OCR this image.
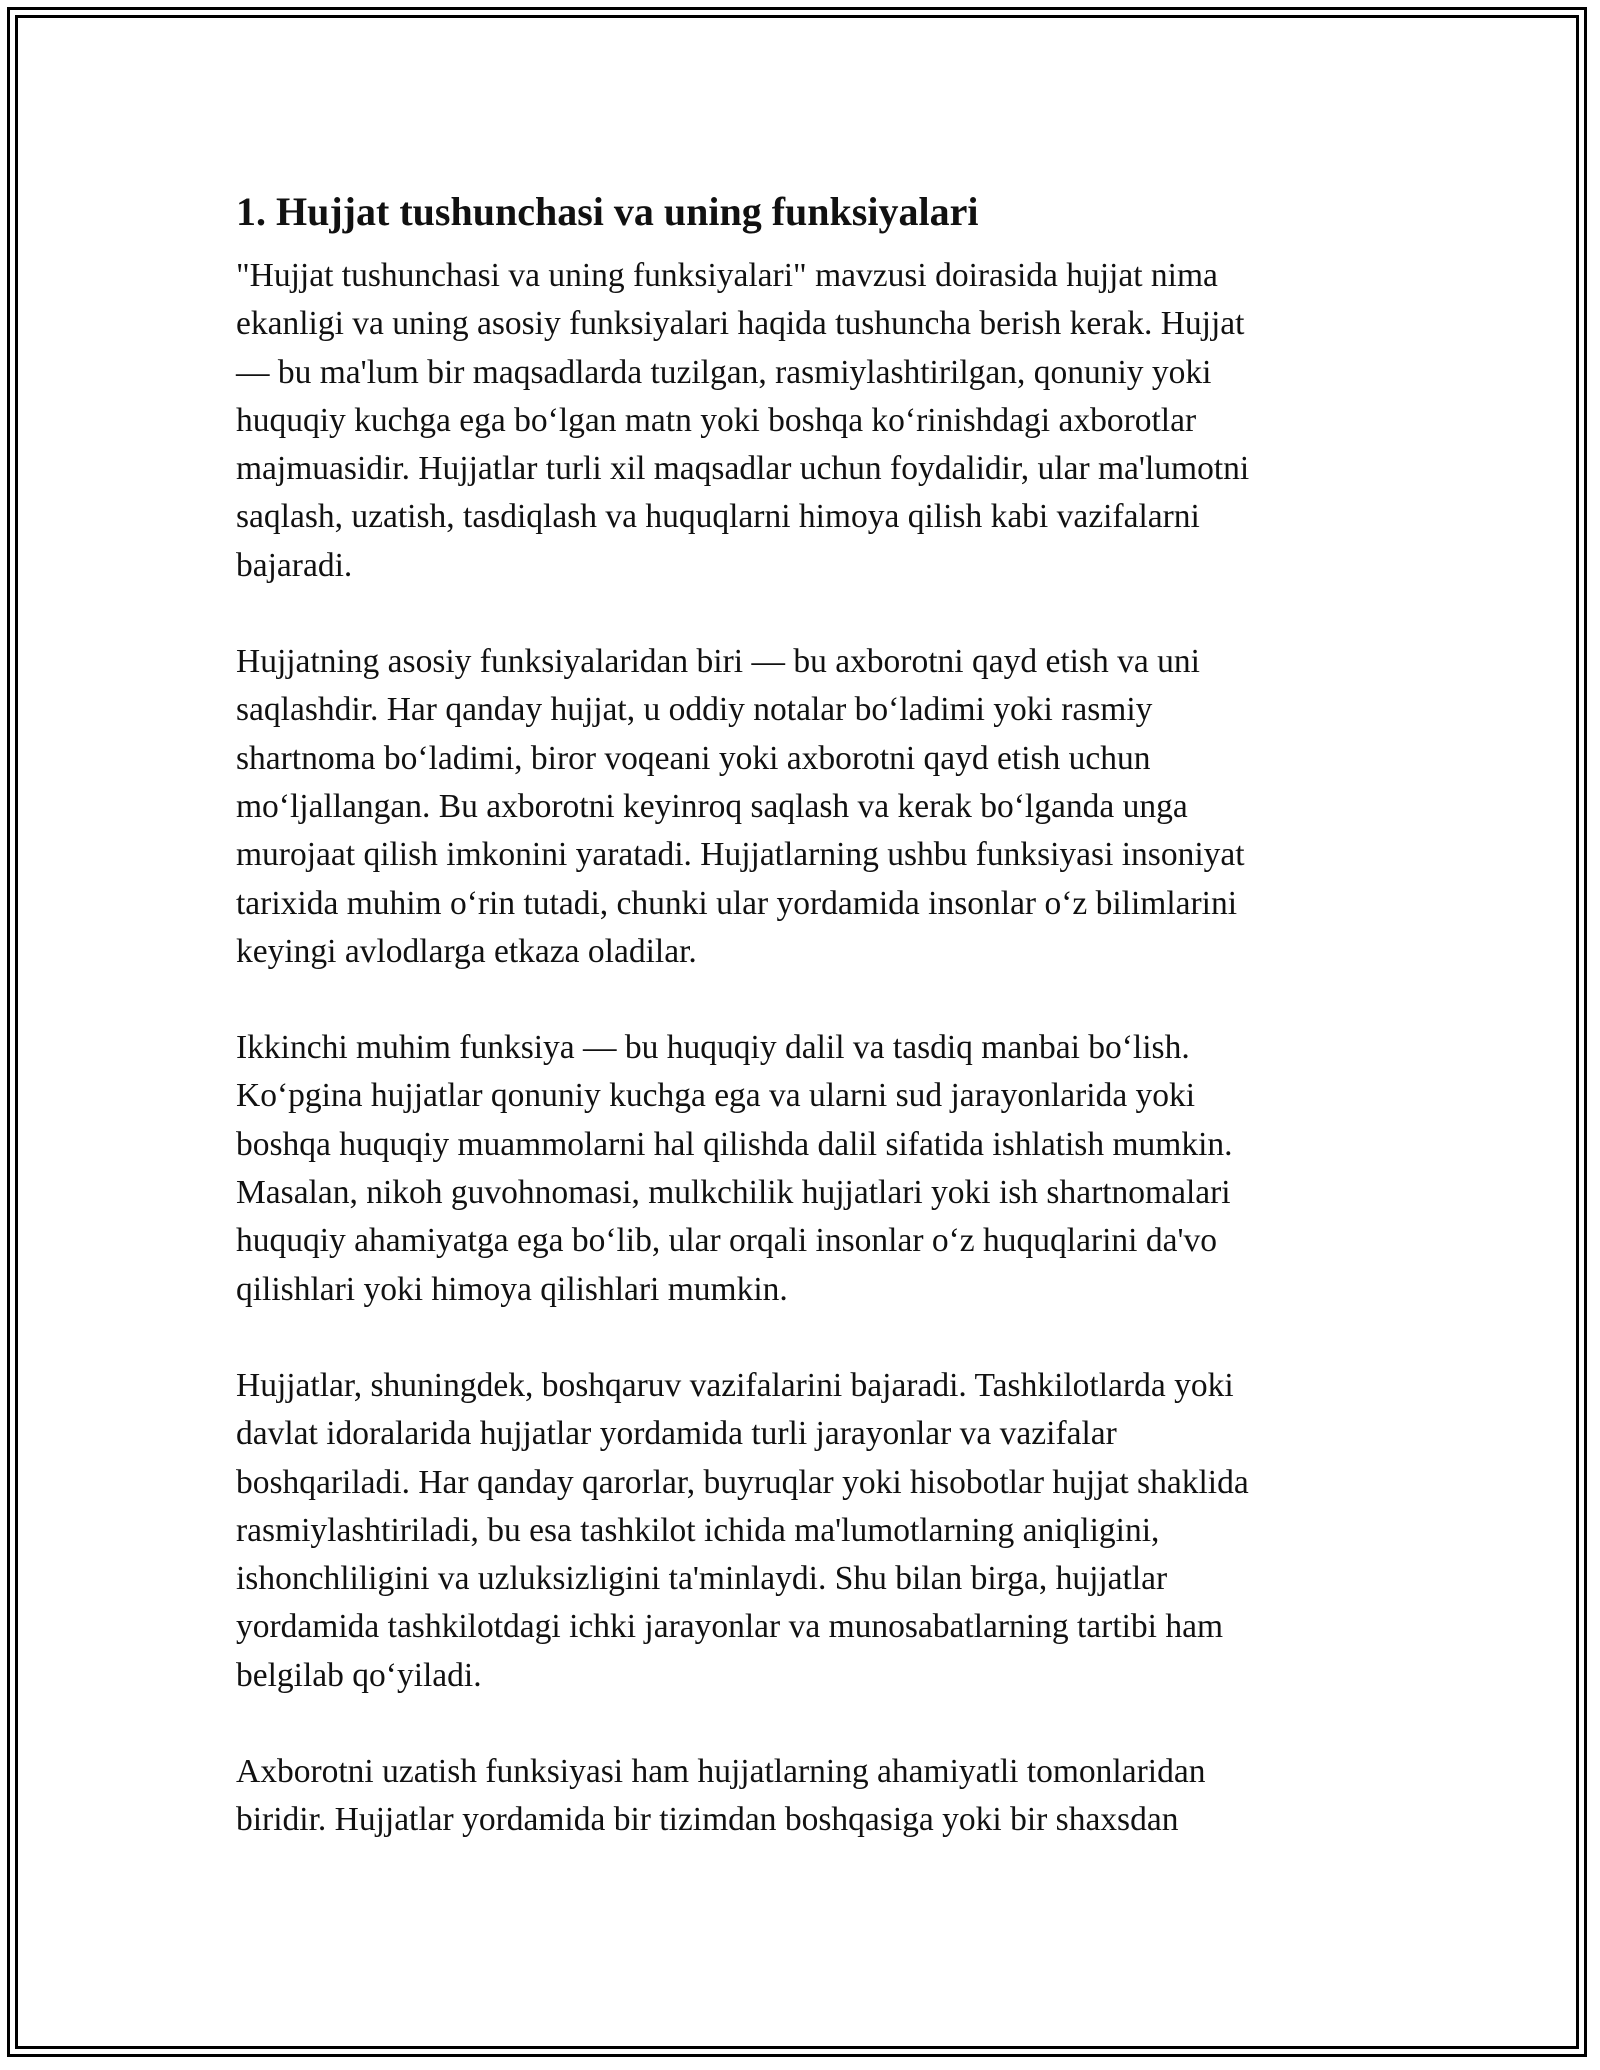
1. Hujjat tushunchasi va uning funksiyalari
"Hujjat tushunchasi va uning funksiyalari" mavzusi doirasida hujjat nima
ekanligi va uning asosiy funksiyalari haqida tushuncha berish kerak. Hujjat
— bu ma'lum bir maqsadlarda tuzilgan, rasmiylashtirilgan, qonuniy yoki
huquqiy kuchga ega bo‘lgan matn yoki boshqa ko‘rinishdagi axborotlar
majmuasidir. Hujjatlar turli xil maqsadlar uchun foydalidir, ular ma'lumotni
saqlash, uzatish, tasdiqlash va huquqlarni himoya qilish kabi vazifalarni
bajaradi.
Hujjatning asosiy funksiyalaridan biri — bu axborotni qayd etish va uni
saqlashdir. Har qanday hujjat, u oddiy notalar bo‘ladimi yoki rasmiy
shartnoma bo‘ladimi, biror voqeani yoki axborotni qayd etish uchun
mo‘ljallangan. Bu axborotni keyinroq saqlash va kerak bo‘lganda unga
murojaat qilish imkonini yaratadi. Hujjatlarning ushbu funksiyasi insoniyat
tarixida muhim o‘rin tutadi, chunki ular yordamida insonlar o‘z bilimlarini
keyingi avlodlarga etkaza oladilar.
Ikkinchi muhim funksiya — bu huquqiy dalil va tasdiq manbai bo‘lish.
Ko‘pgina hujjatlar qonuniy kuchga ega va ularni sud jarayonlarida yoki
boshqa huquqiy muammolarni hal qilishda dalil sifatida ishlatish mumkin.
Masalan, nikoh guvohnomasi, mulkchilik hujjatlari yoki ish shartnomalari
huquqiy ahamiyatga ega bo‘lib, ular orqali insonlar o‘z huquqlarini da'vo
qilishlari yoki himoya qilishlari mumkin.
Hujjatlar, shuningdek, boshqaruv vazifalarini bajaradi. Tashkilotlarda yoki
davlat idoralarida hujjatlar yordamida turli jarayonlar va vazifalar
boshqariladi. Har qanday qarorlar, buyruqlar yoki hisobotlar hujjat shaklida
rasmiylashtiriladi, bu esa tashkilot ichida ma'lumotlarning aniqligini,
ishonchliligini va uzluksizligini ta'minlaydi. Shu bilan birga, hujjatlar
yordamida tashkilotdagi ichki jarayonlar va munosabatlarning tartibi ham
belgilab qo‘yiladi.
Axborotni uzatish funksiyasi ham hujjatlarning ahamiyatli tomonlaridan
biridir. Hujjatlar yordamida bir tizimdan boshqasiga yoki bir shaxsdan
